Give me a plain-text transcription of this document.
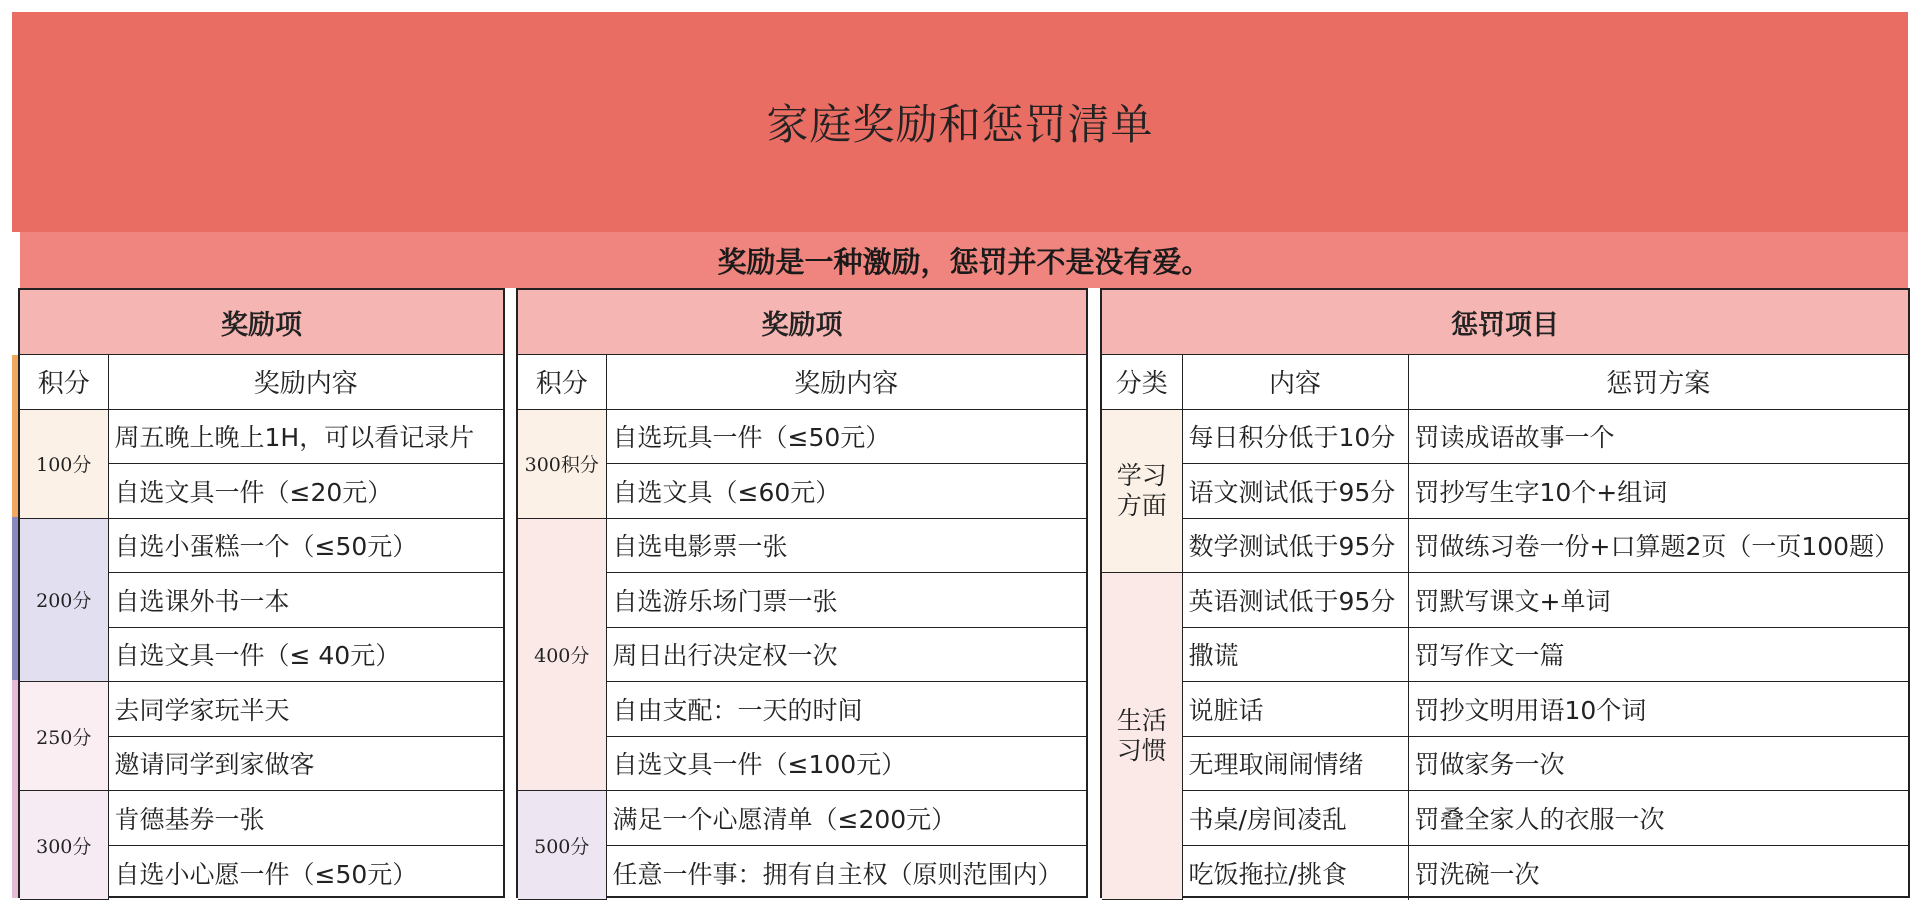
家庭奖励和惩罚清单
奖励是一种激励，惩罚并不是没有爱。
奖励项	
积分	奖励内容
100分	周五晚上晚上1H，可以看记录片
	自选文具一件（≤20元）
200分	自选小蛋糕一个（≤50元）
	自选课外书一本
	自选文具一件（≤ 40元）
250分	去同学家玩半天
	邀请同学到家做客
300分	肯德基券一张
	自选小心愿一件（≤50元）
奖励项	
积分	奖励内容
300积分	自选玩具一件（≤50元）
	自选文具（≤60元）
400分	自选电影票一张
	自选游乐场门票一张
	周日出行决定权一次
	自由支配：一天的时间
	自选文具一件（≤100元）
500分	满足一个心愿清单（≤200元）
	任意一件事：拥有自主权（原则范围内）
惩罚项目		
分类	内容	惩罚方案
学习方面	每日积分低于10分	罚读成语故事一个
	语文测试低于95分	罚抄写生字10个+组词
	数学测试低于95分	罚做练习卷一份+口算题2页（一页100题）
生活习惯	英语测试低于95分	罚默写课文+单词
	撒谎	罚写作文一篇
	说脏话	罚抄文明用语10个词
	无理取闹闹情绪	罚做家务一次
	书桌/房间凌乱	罚叠全家人的衣服一次
	吃饭拖拉/挑食	罚洗碗一次
